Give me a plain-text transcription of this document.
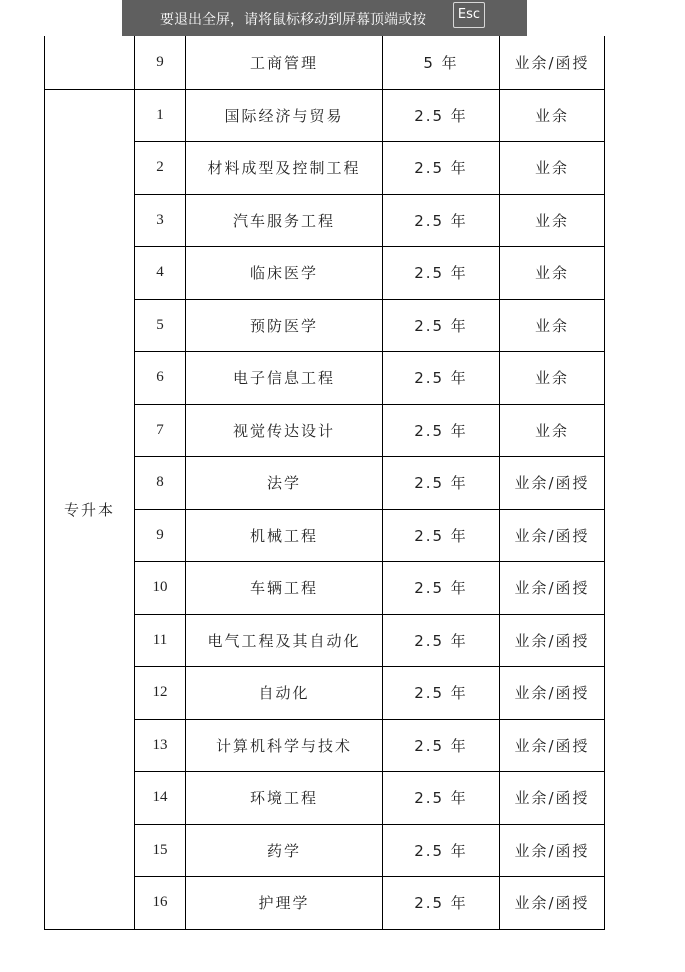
要退出全屏，请将鼠标移动到屏幕顶端或按	Esc
	9	工商管理	5 年	业余/函授
专升本	1	国际经济与贸易	2.5 年	业余
	2	材料成型及控制工程	2.5 年	业余
	3	汽车服务工程	2.5 年	业余
	4	临床医学	2.5 年	业余
	5	预防医学	2.5 年	业余
	6	电子信息工程	2.5 年	业余
	7	视觉传达设计	2.5 年	业余
	8	法学	2.5 年	业余/函授
	9	机械工程	2.5 年	业余/函授
	10	车辆工程	2.5 年	业余/函授
	11	电气工程及其自动化	2.5 年	业余/函授
	12	自动化	2.5 年	业余/函授
	13	计算机科学与技术	2.5 年	业余/函授
	14	环境工程	2.5 年	业余/函授
	15	药学	2.5 年	业余/函授
	16	护理学	2.5 年	业余/函授
